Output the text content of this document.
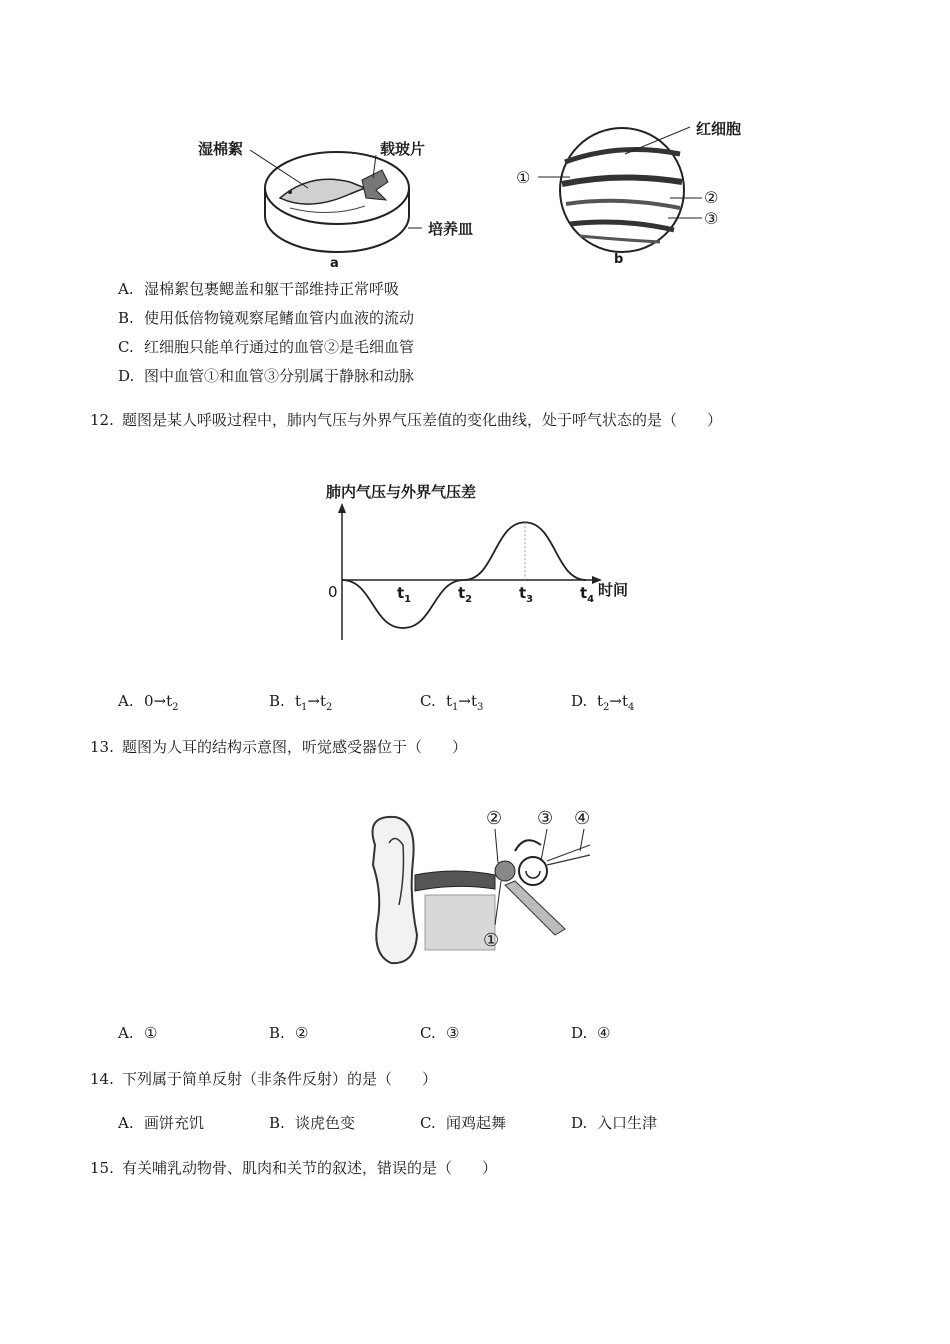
湿棉絮	载玻片
培养皿
a
红细胞
①
②
③
b
A. 湿棉絮包裹鳃盖和躯干部维持正常呼吸
B. 使用低倍物镜观察尾鳍血管内血液的流动
C. 红细胞只能单行通过的血管②是毛细血管
D. 图中血管①和血管③分别属于静脉和动脉
12. 题图是某人呼吸过程中，肺内气压与外界气压差值的变化曲线，处于呼气状态的是（　　）
肺内气压与外界气压差
0	时间
$t_1$	$t_2$	$t_3$	$t_4$
A. $0\to t_2$	B. $t_1\to t_2$	C. $t_1\to t_3$	D. $t_2\to t_4$
13. 题图为人耳的结构示意图，听觉感受器位于（　　）
①
② ③ ④
A. ①	B. ②	C. ③	D. ④
14. 下列属于简单反射（非条件反射）的是（　　）
A. 画饼充饥	B. 谈虎色变	C. 闻鸡起舞	D. 入口生津
15. 有关哺乳动物骨、肌肉和关节的叙述，错误的是（　　）
